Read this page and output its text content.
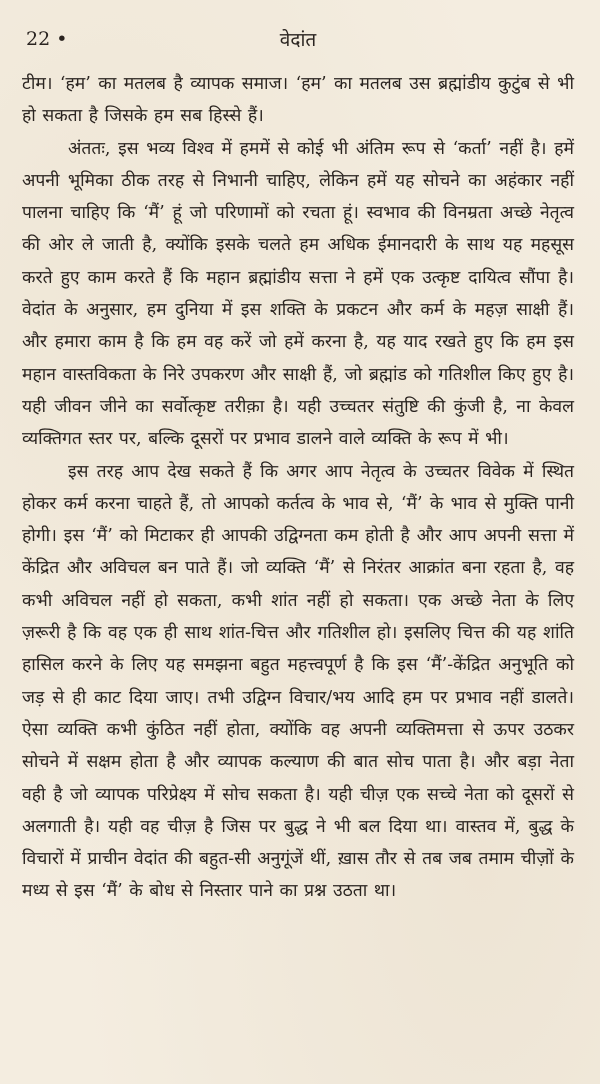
22 •	वेदांत

टीम। ‘हम’ का मतलब है व्यापक समाज। ‘हम’ का मतलब उस ब्रह्मांडीय कुटुंब से भी हो सकता है जिसके हम सब हिस्से हैं।

अंततः, इस भव्य विश्व में हममें से कोई भी अंतिम रूप से ‘कर्ता’ नहीं है। हमें अपनी भूमिका ठीक तरह से निभानी चाहिए, लेकिन हमें यह सोचने का अहंकार नहीं पालना चाहिए कि ‘मैं’ हूं जो परिणामों को रचता हूं। स्वभाव की विनम्रता अच्छे नेतृत्व की ओर ले जाती है, क्योंकि इसके चलते हम अधिक ईमानदारी के साथ यह महसूस करते हुए काम करते हैं कि महान ब्रह्मांडीय सत्ता ने हमें एक उत्कृष्ट दायित्व सौंपा है। वेदांत के अनुसार, हम दुनिया में इस शक्ति के प्रकटन और कर्म के महज़ साक्षी हैं। और हमारा काम है कि हम वह करें जो हमें करना है, यह याद रखते हुए कि हम इस महान वास्तविकता के निरे उपकरण और साक्षी हैं, जो ब्रह्मांड को गतिशील किए हुए है। यही जीवन जीने का सर्वोत्कृष्ट तरीक़ा है। यही उच्चतर संतुष्टि की कुंजी है, ना केवल व्यक्तिगत स्तर पर, बल्कि दूसरों पर प्रभाव डालने वाले व्यक्ति के रूप में भी।

इस तरह आप देख सकते हैं कि अगर आप नेतृत्व के उच्चतर विवेक में स्थित होकर कर्म करना चाहते हैं, तो आपको कर्तत्व के भाव से, ‘मैं’ के भाव से मुक्ति पानी होगी। इस ‘मैं’ को मिटाकर ही आपकी उद्विग्नता कम होती है और आप अपनी सत्ता में केंद्रित और अविचल बन पाते हैं। जो व्यक्ति ‘मैं’ से निरंतर आक्रांत बना रहता है, वह कभी अविचल नहीं हो सकता, कभी शांत नहीं हो सकता। एक अच्छे नेता के लिए ज़रूरी है कि वह एक ही साथ शांत-चित्त और गतिशील हो। इसलिए चित्त की यह शांति हासिल करने के लिए यह समझना बहुत महत्त्वपूर्ण है कि इस ‘मैं’-केंद्रित अनुभूति को जड़ से ही काट दिया जाए। तभी उद्विग्न विचार/भय आदि हम पर प्रभाव नहीं डालते। ऐसा व्यक्ति कभी कुंठित नहीं होता, क्योंकि वह अपनी व्यक्तिमत्ता से ऊपर उठकर सोचने में सक्षम होता है और व्यापक कल्याण की बात सोच पाता है। और बड़ा नेता वही है जो व्यापक परिप्रेक्ष्य में सोच सकता है। यही चीज़ एक सच्चे नेता को दूसरों से अलगाती है। यही वह चीज़ है जिस पर बुद्ध ने भी बल दिया था। वास्तव में, बुद्ध के विचारों में प्राचीन वेदांत की बहुत-सी अनुगूंजें थीं, ख़ास तौर से तब जब तमाम चीज़ों के मध्य से इस ‘मैं’ के बोध से निस्तार पाने का प्रश्न उठता था।
